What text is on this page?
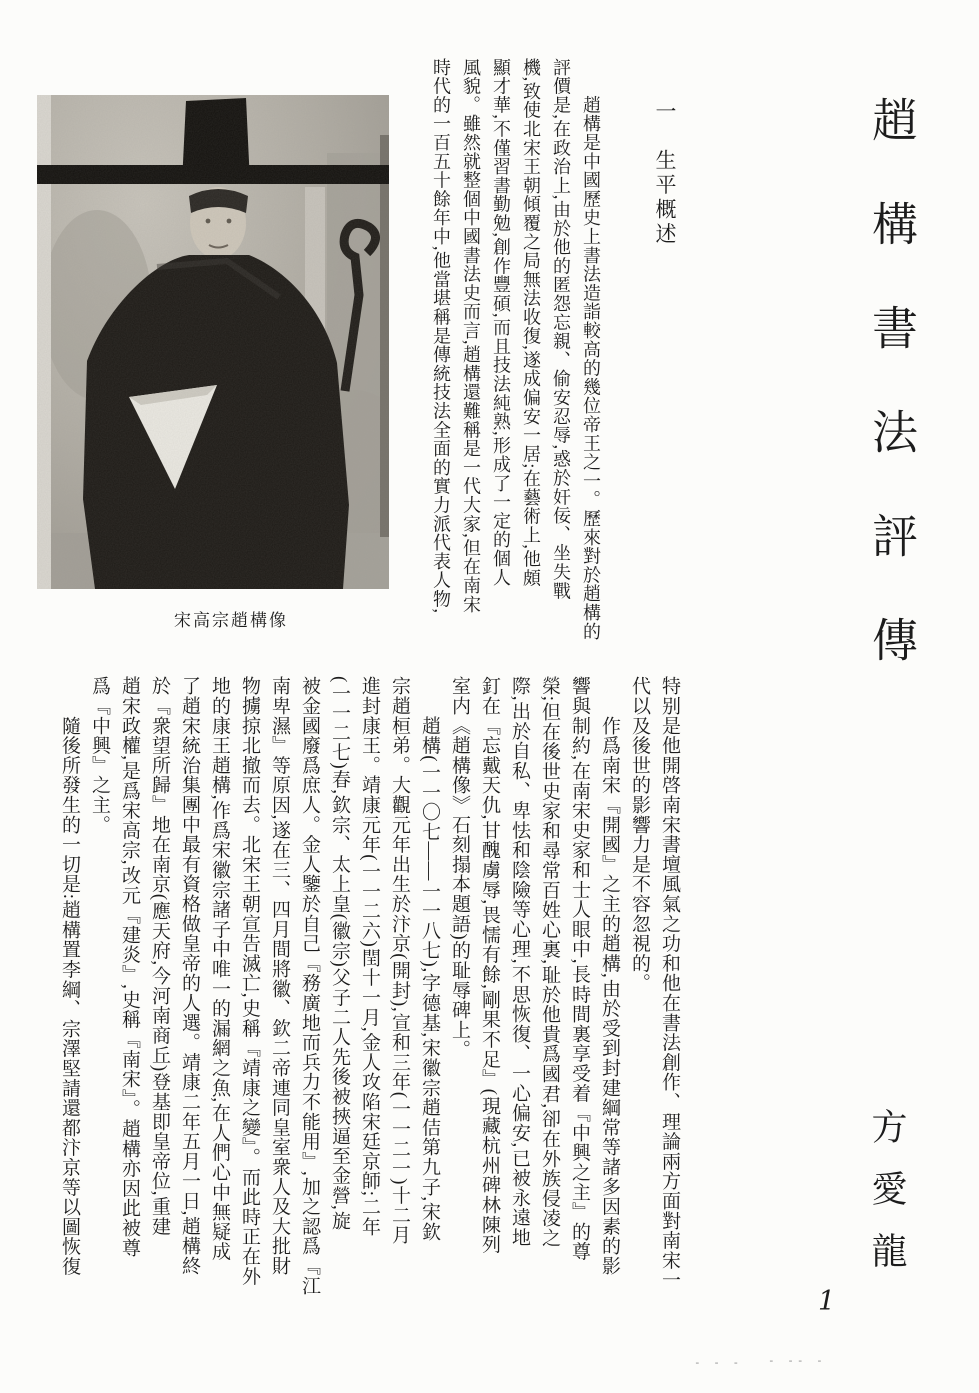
趙構書法評傳
方愛龍
一　生平概述
　　趙構是中國歷史上書法造詣較高的幾位帝王之一。歷來對於趙構的
評價是,在政治上,由於他的匿怨忘親、偷安忍辱,惑於奸佞、坐失戰
機,致使北宋王朝傾覆之局無法收復,遂成偏安一居;在藝術上,他頗
顯才華,不僅習書勤勉,創作豐碩,而且技法純熟,形成了一定的個人
風貌。雖然就整個中國書法史而言,趙構還難稱是一代大家,但在南宋
時代的一百五十餘年中,他當堪稱是傳統技法全面的實力派代表人物,
宋高宗趙構像
特别是他開啓南宋書壇風氣之功和他在書法創作、理論兩方面對南宋一
代以及後世的影響力是不容忽視的。
　　作爲南宋『開國』之主的趙構,由於受到封建綱常等諸多因素的影
響與制約,在南宋史家和士人眼中,長時間裏享受着『中興之主』的尊
榮;但在後世史家和尋常百姓心裏,耻於他貴爲國君,卻在外族侵凌之
際,出於自私、卑怯和陰險等心理,不思恢復、一心偏安,已被永遠地
釘在『忘戴天仇,甘醜虜辱,畏懦有餘,剛果不足』(現藏杭州碑林陳列
室内《趙構像》石刻搨本題語)的耻辱碑上。
　　趙構(一一〇七——一一八七),字德基,宋徽宗趙佶第九子,宋欽
宗趙桓弟。大觀元年出生於汴京(開封),宣和三年(一一二一)十二月
進封康王。靖康元年(一一二六)閏十一月,金人攻陷宋廷京師;二年
(一一二七)春,欽宗、太上皇(徽宗)父子二人先後被挾逼至金營,旋
被金國廢爲庶人。金人鑒於自己『務廣地而兵力不能用』,加之認爲『江
南卑濕』等原因,遂在三、四月間將徽、欽二帝連同皇室衆人及大批財
物擄掠北撤而去。北宋王朝宣告滅亡,史稱『靖康之變』。而此時正在外
地的康王趙構,作爲宋徽宗諸子中唯一的漏網之魚,在人們心中無疑成
了趙宋統治集團中最有資格做皇帝的人選。靖康二年五月一日,趙構終
於『衆望所歸』地在南京(應天府,今河南商丘)登基即皇帝位,重建
趙宋政權,是爲宋高宗,改元『建炎』,史稱『南宋』。趙構亦因此被尊
爲『中興』之主。
　　隨後所發生的一切是:趙構置李綱、宗澤堅請還都汴京等以圖恢復
1
- - - - -- -
